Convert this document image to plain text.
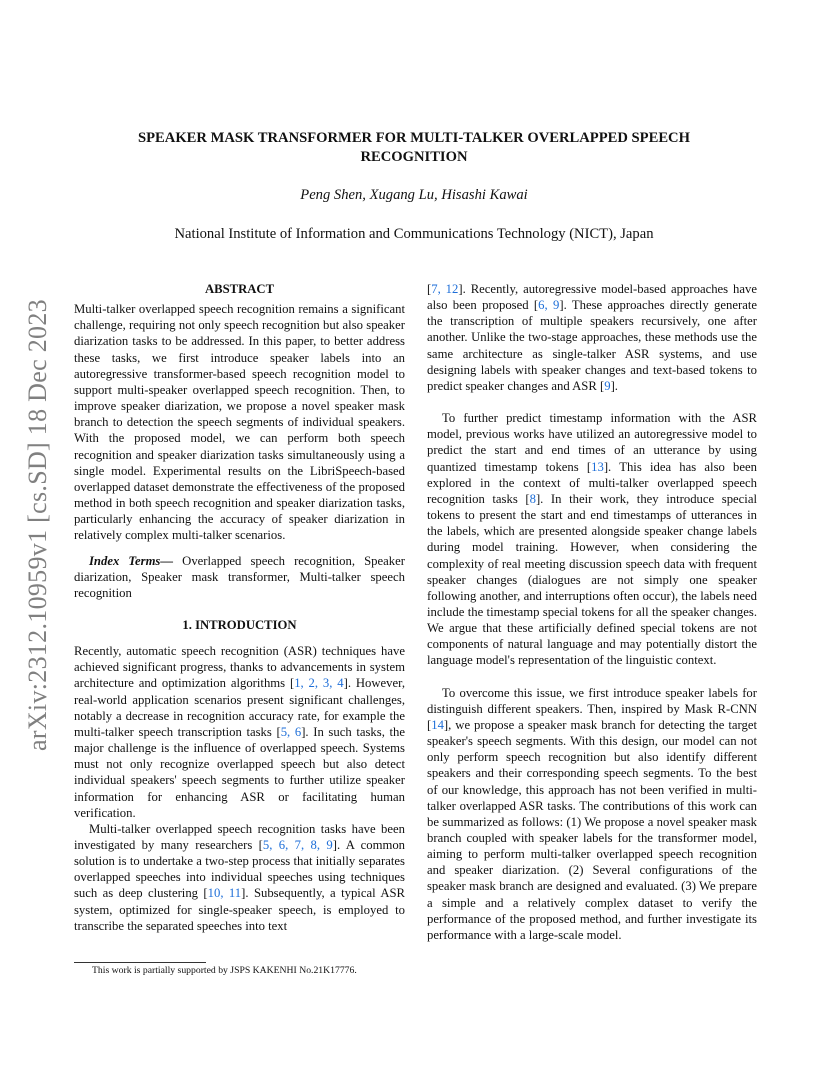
arXiv:2312.10959v1 [cs.SD] 18 Dec 2023
SPEAKER MASK TRANSFORMER FOR MULTI-TALKER OVERLAPPED SPEECH
RECOGNITION
Peng Shen, Xugang Lu, Hisashi Kawai
National Institute of Information and Communications Technology (NICT), Japan
ABSTRACT

Multi-talker overlapped speech recognition remains a significant challenge, requiring not only speech recognition but also speaker diarization tasks to be addressed. In this paper, to better address these tasks, we first introduce speaker labels into an autoregressive transformer-based speech recognition model to support multi-speaker overlapped speech recognition. Then, to improve speaker diarization, we propose a novel speaker mask branch to detection the speech segments of individual speakers. With the proposed model, we can perform both speech recognition and speaker diarization tasks simultaneously using a single model. Experimental results on the LibriSpeech-based overlapped dataset demonstrate the effectiveness of the proposed method in both speech recognition and speaker diarization tasks, particularly enhancing the accuracy of speaker diarization in relatively complex multi-talker scenarios.

Index Terms— Overlapped speech recognition, Speaker diarization, Speaker mask transformer, Multi-talker speech recognition

1. INTRODUCTION

Recently, automatic speech recognition (ASR) techniques have achieved significant progress, thanks to advancements in system architecture and optimization algorithms [1, 2, 3, 4]. However, real-world application scenarios present significant challenges, notably a decrease in recognition accuracy rate, for example the multi-talker speech transcription tasks [5, 6]. In such tasks, the major challenge is the influence of overlapped speech. Systems must not only recognize overlapped speech but also detect individual speakers' speech segments to further utilize speaker information for enhancing ASR or facilitating human verification.

Multi-talker overlapped speech recognition tasks have been investigated by many researchers [5, 6, 7, 8, 9]. A common solution is to undertake a two-step process that initially separates overlapped speeches into individual speeches using techniques such as deep clustering [10, 11]. Subsequently, a typical ASR system, optimized for single-speaker speech, is employed to transcribe the separated speeches into text

[7, 12]. Recently, autoregressive model-based approaches have also been proposed [6, 9]. These approaches directly generate the transcription of multiple speakers recursively, one after another. Unlike the two-stage approaches, these methods use the same architecture as single-talker ASR systems, and use designing labels with speaker changes and text-based tokens to predict speaker changes and ASR [9].

To further predict timestamp information with the ASR model, previous works have utilized an autoregressive model to predict the start and end times of an utterance by using quantized timestamp tokens [13]. This idea has also been explored in the context of multi-talker overlapped speech recognition tasks [8]. In their work, they introduce special tokens to present the start and end timestamps of utterances in the labels, which are presented alongside speaker change labels during model training. However, when considering the complexity of real meeting discussion speech data with frequent speaker changes (dialogues are not simply one speaker following another, and interruptions often occur), the labels need include the timestamp special tokens for all the speaker changes. We argue that these artificially defined special tokens are not components of natural language and may potentially distort the language model's representation of the linguistic context.

To overcome this issue, we first introduce speaker labels for distinguish different speakers. Then, inspired by Mask R-CNN [14], we propose a speaker mask branch for detecting the target speaker's speech segments. With this design, our model can not only perform speech recognition but also identify different speakers and their corresponding speech segments. To the best of our knowledge, this approach has not been verified in multi-talker overlapped ASR tasks. The contributions of this work can be summarized as follows: (1) We propose a novel speaker mask branch coupled with speaker labels for the transformer model, aiming to perform multi-talker overlapped speech recognition and speaker diarization. (2) Several configurations of the speaker mask branch are designed and evaluated. (3) We prepare a simple and a relatively complex dataset to verify the performance of the proposed method, and further investigate its performance with a large-scale model.

This work is partially supported by JSPS KAKENHI No.21K17776.
